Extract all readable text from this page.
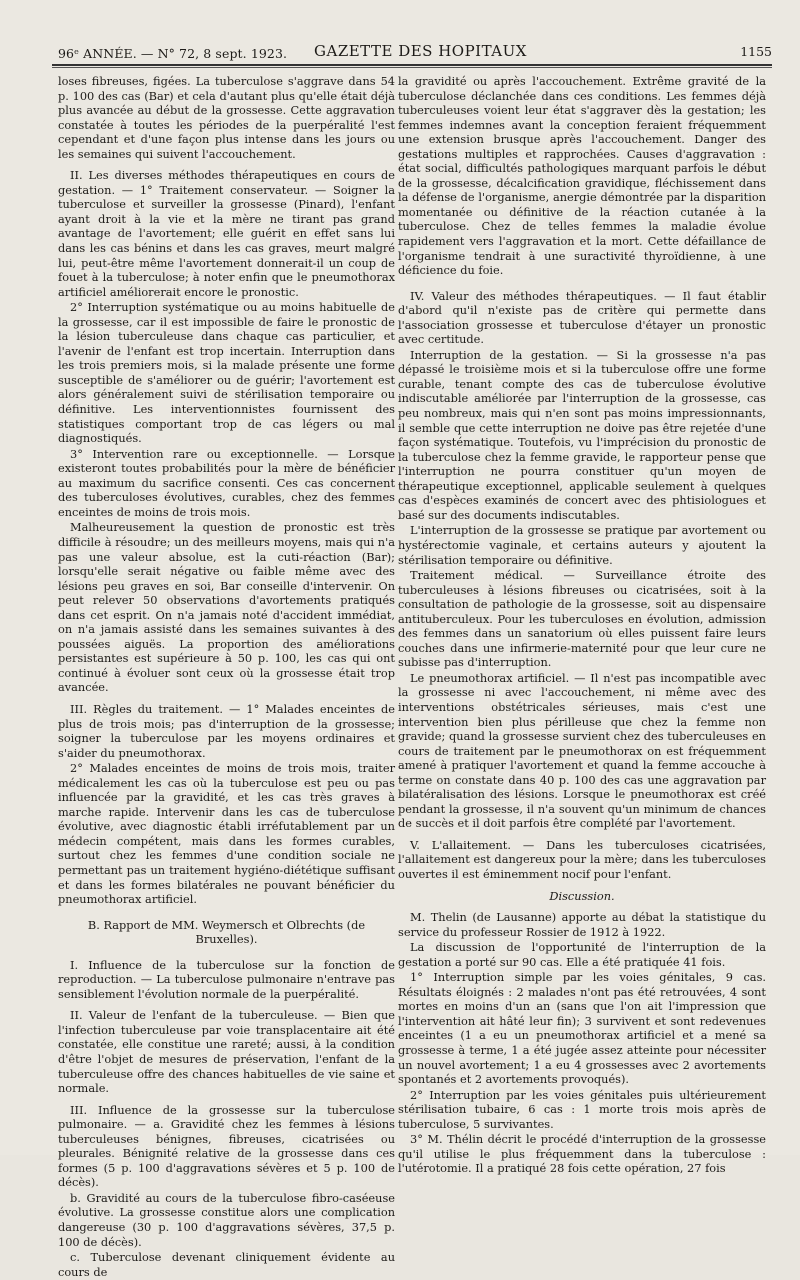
96ᵉ ANNÉE. — N° 72, 8 sept. 1923. GAZETTE DES HOPITAUX	1155

loses fibreuses, figées. La tuberculose s'aggrave dans 54 p. 100 des cas (Bar) et cela d'autant plus qu'elle était déjà plus avancée au début de la grossesse. Cette aggravation constatée à toutes les périodes de la puerpéralité l'est cependant et d'une façon plus intense dans les jours ou les semaines qui suivent l'accouchement.

II. Les diverses méthodes thérapeutiques en cours de gestation. — 1° Traitement conservateur. — Soigner la tuberculose et surveiller la grossesse (Pinard), l'enfant ayant droit à la vie et la mère ne tirant pas grand avantage de l'avortement; elle guérit en effet sans lui dans les cas bénins et dans les cas graves, meurt malgré lui, peut-être même l'avortement donnerait-il un coup de fouet à la tuberculose; à noter enfin que le pneumothorax artificiel améliorerait encore le pronostic.

2° Interruption systématique ou au moins habituelle de la grossesse, car il est impossible de faire le pronostic de la lésion tuberculeuse dans chaque cas particulier, et l'avenir de l'enfant est trop incertain. Interruption dans les trois premiers mois, si la malade présente une forme susceptible de s'améliorer ou de guérir; l'avortement est alors généralement suivi de stérilisation temporaire ou définitive. Les interventionnistes fournissent des statistiques comportant trop de cas légers ou mal diagnostiqués.

3° Intervention rare ou exceptionnelle. — Lorsque existeront toutes probabilités pour la mère de bénéficier au maximum du sacrifice consenti. Ces cas concernent des tuberculoses évolutives, curables, chez des femmes enceintes de moins de trois mois.

Malheureusement la question de pronostic est très difficile à résoudre; un des meilleurs moyens, mais qui n'a pas une valeur absolue, est la cuti-réaction (Bar); lorsqu'elle serait négative ou faible même avec des lésions peu graves en soi, Bar conseille d'intervenir. On peut relever 50 observations d'avortements pratiqués dans cet esprit. On n'a jamais noté d'accident immédiat, on n'a jamais assisté dans les semaines suivantes à des poussées aiguës. La proportion des améliorations persistantes est supérieure à 50 p. 100, les cas qui ont continué à évoluer sont ceux où la grossesse était trop avancée.

III. Règles du traitement. — 1° Malades enceintes de plus de trois mois; pas d'interruption de la grossesse; soigner la tuberculose par les moyens ordinaires et s'aider du pneumothorax.

2° Malades enceintes de moins de trois mois, traiter médicalement les cas où la tuberculose est peu ou pas influencée par la gravidité, et les cas très graves à marche rapide. Intervenir dans les cas de tuberculose évolutive, avec diagnostic établi irréfutablement par un médecin compétent, mais dans les formes curables, surtout chez les femmes d'une condition sociale ne permettant pas un traitement hygiéno-diététique suffisant et dans les formes bilatérales ne pouvant bénéficier du pneumothorax artificiel.

B. Rapport de MM. Weymersch et Olbrechts (de Bruxelles).

I. Influence de la tuberculose sur la fonction de reproduction. — La tuberculose pulmonaire n'entrave pas sensiblement l'évolution normale de la puerpéralité.

II. Valeur de l'enfant de la tuberculeuse. — Bien que l'infection tuberculeuse par voie transplacentaire ait été constatée, elle constitue une rareté; aussi, à la condition d'être l'objet de mesures de préservation, l'enfant de la tuberculeuse offre des chances habituelles de vie saine et normale.

III. Influence de la grossesse sur la tuberculose pulmonaire. — a. Gravidité chez les femmes à lésions tuberculeuses bénignes, fibreuses, cicatrisées ou pleurales. Bénignité relative de la grossesse dans ces formes (5 p. 100 d'aggravations sévères et 5 p. 100 de décès).

b. Gravidité au cours de la tuberculose fibro-caséeuse évolutive. La grossesse constitue alors une complication dangereuse (30 p. 100 d'aggravations sévères, 37,5 p. 100 de décès).

c. Tuberculose devenant cliniquement évidente au cours de

la gravidité ou après l'accouchement. Extrême gravité de la tuberculose déclanchée dans ces conditions. Les femmes déjà tuberculeuses voient leur état s'aggraver dès la gestation; les femmes indemnes avant la conception feraient fréquemment une extension brusque après l'accouchement. Danger des gestations multiples et rapprochées. Causes d'aggravation : état social, difficultés pathologiques marquant parfois le début de la grossesse, décalcification gravidique, fléchissement dans la défense de l'organisme, anergie démontrée par la disparition momentanée ou définitive de la réaction cutanée à la tuberculose. Chez de telles femmes la maladie évolue rapidement vers l'aggravation et la mort. Cette défaillance de l'organisme tendrait à une suractivité thyroïdienne, à une déficience du foie.

IV. Valeur des méthodes thérapeutiques. — Il faut établir d'abord qu'il n'existe pas de critère qui permette dans l'association grossesse et tuberculose d'étayer un pronostic avec certitude.

Interruption de la gestation. — Si la grossesse n'a pas dépassé le troisième mois et si la tuberculose offre une forme curable, tenant compte des cas de tuberculose évolutive indiscutable améliorée par l'interruption de la grossesse, cas peu nombreux, mais qui n'en sont pas moins impressionnants, il semble que cette interruption ne doive pas être rejetée d'une façon systématique. Toutefois, vu l'imprécision du pronostic de la tuberculose chez la femme gravide, le rapporteur pense que l'interruption ne pourra constituer qu'un moyen de thérapeutique exceptionnel, applicable seulement à quelques cas d'espèces examinés de concert avec des phtisiologues et basé sur des documents indiscutables.

L'interruption de la grossesse se pratique par avortement ou hystérectomie vaginale, et certains auteurs y ajoutent la stérilisation temporaire ou définitive.

Traitement médical. — Surveillance étroite des tuberculeuses à lésions fibreuses ou cicatrisées, soit à la consultation de pathologie de la grossesse, soit au dispensaire antituberculeux. Pour les tuberculoses en évolution, admission des femmes dans un sanatorium où elles puissent faire leurs couches dans une infirmerie-maternité pour que leur cure ne subisse pas d'interruption.

Le pneumothorax artificiel. — Il n'est pas incompatible avec la grossesse ni avec l'accouchement, ni même avec des interventions obstétricales sérieuses, mais c'est une intervention bien plus périlleuse que chez la femme non gravide; quand la grossesse survient chez des tuberculeuses en cours de traitement par le pneumothorax on est fréquemment amené à pratiquer l'avortement et quand la femme accouche à terme on constate dans 40 p. 100 des cas une aggravation par bilatéralisation des lésions. Lorsque le pneumothorax est créé pendant la grossesse, il n'a souvent qu'un minimum de chances de succès et il doit parfois être complété par l'avortement.

V. L'allaitement. — Dans les tuberculoses cicatrisées, l'allaitement est dangereux pour la mère; dans les tuberculoses ouvertes il est éminemment nocif pour l'enfant.

Discussion.

M. Thelin (de Lausanne) apporte au débat la statistique du service du professeur Rossier de 1912 à 1922.

La discussion de l'opportunité de l'interruption de la gestation a porté sur 90 cas. Elle a été pratiquée 41 fois.

1° Interruption simple par les voies génitales, 9 cas. Résultats éloignés : 2 malades n'ont pas été retrouvées, 4 sont mortes en moins d'un an (sans que l'on ait l'impression que l'intervention ait hâté leur fin); 3 survivent et sont redevenues enceintes (1 a eu un pneumothorax artificiel et a mené sa grossesse à terme, 1 a été jugée assez atteinte pour nécessiter un nouvel avortement; 1 a eu 4 grossesses avec 2 avortements spontanés et 2 avortements provoqués).

2° Interruption par les voies génitales puis ultérieurement stérilisation tubaire, 6 cas : 1 morte trois mois après de tuberculose, 5 survivantes.

3° M. Thélin décrit le procédé d'interruption de la grossesse qu'il utilise le plus fréquemment dans la tuberculose : l'utérotomie. Il a pratiqué 28 fois cette opération, 27 fois
